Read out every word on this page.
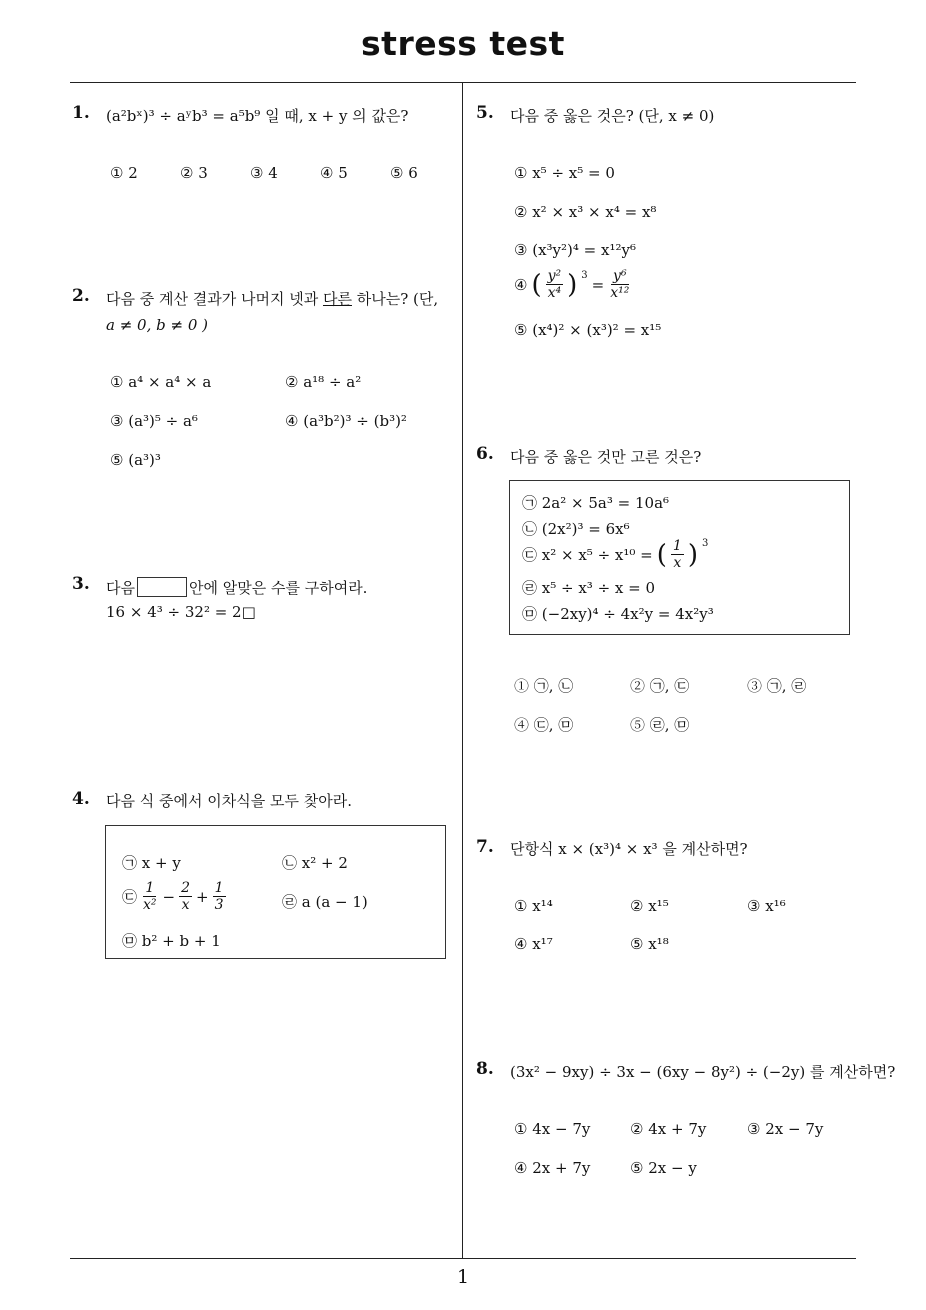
stress test
1
1. (a²bˣ)³ ÷ aʸb³ = a⁵b⁹ 일 때, x + y 의 값은?
① 2	② 3	③ 4	④ 5	⑤ 6
2. 다음 중 계산 결과가 나머지 넷과 다른 하나는? (단,
a ≠ 0, b ≠ 0 )
① a⁴ × a⁴ × a	② a¹⁸ ÷ a²
③ (a³)⁵ ÷ a⁶	④ (a³b²)³ ÷ (b³)²
⑤ (a³)³
3. 다음	안에 알맞은 수를 구하여라.
16 × 4³ ÷ 32² = 2□
4. 다음 식 중에서 이차식을 모두 찾아라.
㉠ x + y	㉡ x² + 2
㉢ $\frac{1}{\text{x²}} - \frac{2}{x} + \frac{1}{3}$	㉣ a (a − 1)
㉤ b² + b + 1
5. 다음 중 옳은 것은? (단, x ≠ 0)
① x⁵ ÷ x⁵ = 0
② x² × x³ × x⁴ = x⁸
③ (x³y²)⁴ = x¹²y⁶
④ ( $\frac{\text{y²}}{\text{x⁴}}$ ) $^3 = \frac{\text{y⁶}}{\text{x¹²}}$
⑤ (x⁴)² × (x³)² = x¹⁵
6. 다음 중 옳은 것만 고른 것은?
㉠ 2a² × 5a³ = 10a⁶
㉡ (2x²)³ = 6x⁶
㉢ x² × x⁵ ÷ x¹⁰ = ( $\frac{1}{x}$ ) $^3$
㉣ x⁵ ÷ x³ ÷ x = 0
㉤ (−2xy)⁴ ÷ 4x²y = 4x²y³
① ㉠, ㉡	② ㉠, ㉢	③ ㉠, ㉣
④ ㉢, ㉤	⑤ ㉣, ㉤
7. 단항식 x × (x³)⁴ × x³ 을 계산하면?
① x¹⁴	② x¹⁵	③ x¹⁶
④ x¹⁷	⑤ x¹⁸
8. (3x² − 9xy) ÷ 3x − (6xy − 8y²) ÷ (−2y) 를 계산하면?
① 4x − 7y	② 4x + 7y	③ 2x − 7y
④ 2x + 7y	⑤ 2x − y
